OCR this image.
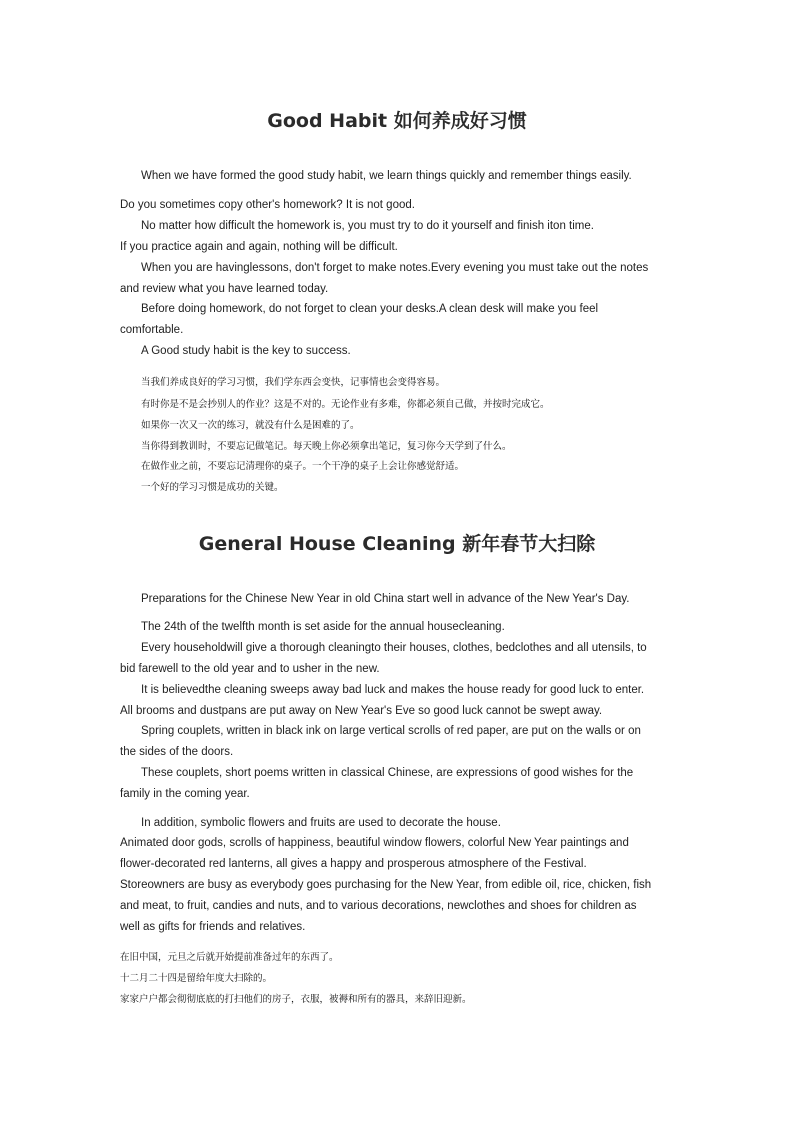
Good Habit 如何养成好习惯

When we have formed the good study habit, we learn things quickly and remember things easily.

Do you sometimes copy other's homework? It is not good.

No matter how difficult the homework is, you must try to do it yourself and finish iton time.

If you practice again and again, nothing will be difficult.

When you are havinglessons, don't forget to make notes.Every evening you must take out the notes

and review what you have learned today.

Before doing homework, do not forget to clean your desks.A clean desk will make you feel

comfortable.

A Good study habit is the key to success.

当我们养成良好的学习习惯，我们学东西会变快，记事情也会变得容易。

有时你是不是会抄别人的作业？这是不对的。无论作业有多难，你都必须自己做，并按时完成它。

如果你一次又一次的练习，就没有什么是困难的了。

当你得到教训时，不要忘记做笔记。每天晚上你必须拿出笔记，复习你今天学到了什么。

在做作业之前，不要忘记清理你的桌子。一个干净的桌子上会让你感觉舒适。

一个好的学习习惯是成功的关键。

General House Cleaning 新年春节大扫除

Preparations for the Chinese New Year in old China start well in advance of the New Year's Day.

The 24th of the twelfth month is set aside for the annual housecleaning.

Every householdwill give a thorough cleaningto their houses, clothes, bedclothes and all utensils, to

bid farewell to the old year and to usher in the new.

It is believedthe cleaning sweeps away bad luck and makes the house ready for good luck to enter.

All brooms and dustpans are put away on New Year's Eve so good luck cannot be swept away.

Spring couplets, written in black ink on large vertical scrolls of red paper, are put on the walls or on

the sides of the doors.

These couplets, short poems written in classical Chinese, are expressions of good wishes for the

family in the coming year.

In addition, symbolic flowers and fruits are used to decorate the house.

Animated door gods, scrolls of happiness, beautiful window flowers, colorful New Year paintings and

flower-decorated red lanterns, all gives a happy and prosperous atmosphere of the Festival.

Storeowners are busy as everybody goes purchasing for the New Year, from edible oil, rice, chicken, fish

and meat, to fruit, candies and nuts, and to various decorations, newclothes and shoes for children as

well as gifts for friends and relatives.

在旧中国，元旦之后就开始提前准备过年的东西了。

十二月二十四是留给年度大扫除的。

家家户户都会彻彻底底的打扫他们的房子，衣服，被褥和所有的器具，来辞旧迎新。
